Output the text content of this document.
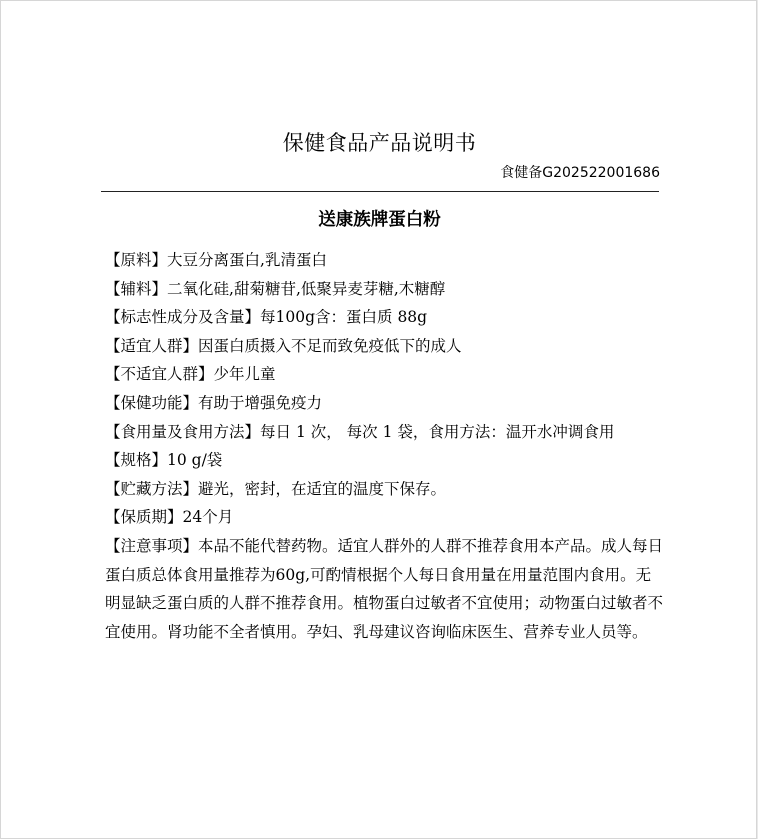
保健食品产品说明书
食健备G202522001686
送康族牌蛋白粉

【原料】大豆分离蛋白,乳清蛋白

【辅料】二氧化硅,甜菊糖苷,低聚异麦芽糖,木糖醇

【标志性成分及含量】每100g含：蛋白质 88g

【适宜人群】因蛋白质摄入不足而致免疫低下的成人

【不适宜人群】少年儿童

【保健功能】有助于增强免疫力

【食用量及食用方法】每日 1 次， 每次 1 袋，食用方法：温开水冲调食用

【规格】10 g/袋

【贮藏方法】避光，密封，在适宜的温度下保存。

【保质期】24个月

【注意事项】本品不能代替药物。适宜人群外的人群不推荐食用本产品。成人每日蛋白质总体食用量推荐为60g,可酌情根据个人每日食用量在用量范围内食用。无明显缺乏蛋白质的人群不推荐食用。植物蛋白过敏者不宜使用；动物蛋白过敏者不宜使用。肾功能不全者慎用。孕妇、乳母建议咨询临床医生、营养专业人员等。
